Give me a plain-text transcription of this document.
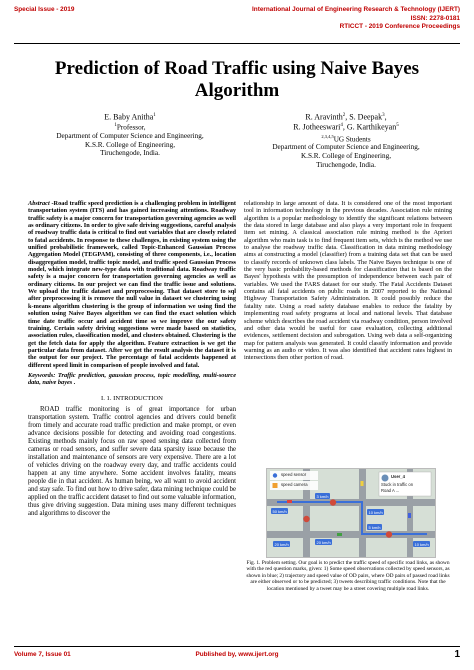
Special Issue - 2019	International Journal of Engineering Research & Technology (IJERT)
ISSN: 2278-0181
RTICCT - 2019 Conference Proceedings
Prediction of Road Traffic using Naive Bayes
Algorithm
E. Baby Anitha$^1$
$^1$Professor,
Department of Computer Science and Engineering,
K.S.R. College of Engineering,
Tiruchengode, India.
R. Aravinth$^2$, S. Deepak$^3$,
R. Jotheeswari$^4$, G. Karthikeyan$^5$
$^{2,3,4,5}$UG Students
Department of Computer Science and Engineering,
K.S.R. College of Engineering,
Tiruchengode, India.

Abstract -Road traffic speed prediction is a challenging problem in intelligent transportation system (ITS) and has gained increasing attentions. Roadway traffic safety is a major concern for transportation governing agencies as well as ordinary citizens. In order to give safe driving suggestions, careful analysis of roadway traffic data is critical to find out variables that are closely related to fatal accidents. In response to these challenges, in existing system using the unified probabilistic framework, called Topic-Enhanced Gaussian Process Aggregation Model (TEGPAM), consisting of three components, i.e., location disaggregation model, traffic topic model, and traffic speed Gaussian Process model, which integrate new-type data with traditional data. Roadway traffic safety is a major concern for transportation governing agencies as well as ordinary citizens. In our project we can find the traffic issue and solutions. We upload the traffic dataset and preprocessing. That dataset store to sql after preprocessing it is remove the null value in dataset we clustering using k-means algorithm clustering is the group of information we using find the solution using Naive Bayes algorithm we can find the exact solution which time date traffic occur and accident time so we improve the our safety training. Certain safety driving suggestions were made based on statistics, association rules, classification model, and clusters obtained. Clustering is the get the fetch data for apply the algorithm. Feature extraction is we get the particular data from dataset. After we get the result analysis the dataset it is the output for our project. The percentage of fatal accidents happened at different speed limit in comparison of people involved and fatal.

Keywords: Traffic prediction, gaussian process, topic modelling, multi-source data, naive bayes .

I. 1. INTRODUCTION

ROAD traffic monitoring is of great importance for urban transportation system. Traffic control agencies and drivers could benefit from timely and accurate road traffic prediction and make prompt, or even advance decisions possible for detecting and avoiding road congestions. Existing methods mainly focus on raw speed sensing data collected from cameras or road sensors, and suffer severe data sparsity issue because the installation and maintenance of sensors are very expensive. There are a lot of vehicles driving on the roadway every day, and traffic accidents could happen at any time anywhere. Some accident involves fatality, means people die in that accident. As human being, we all want to avoid accident and stay safe. To find out how to drive safer, data mining technique could be applied on the traffic accident dataset to find out some valuable information, thus give driving suggestion. Data mining uses many different techniques and algorithms to discover the

relationship in large amount of data. It is considered one of the most important tool in information technology in the previous decades. Association rule mining algorithm is a popular methodology to identify the significant relations between the data stored in large database and also plays a very important role in frequent item set mining. A classical association rule mining method is the Apriori algorithm who main task is to find frequent item sets, which is the method we use to analyse the roadway traffic data. Classification in data mining methodology aims at constructing a model (classifier) from a training data set that can be used to classify records of unknown class labels. The Naive Bayes technique is one of the very basic probability-based methods for classification that is based on the Bayes' hypothesis with the presumption of independence between each pair of variables. We used the FARS dataset for our study. The Fatal Accidents Dataset contains all fatal accidents on public roads in 2007 reported to the National Highway Transportation Safety Administration. It could possibly reduce the fatality rate. Using a road safety database enables to reduce the fatality by implementing road safety programs at local and national levels. That database scheme which describes the road accident via roadway condition, person involved and other data would be useful for case evaluation, collecting additional evidences, settlement decision and subrogation. Using web data a self-organizing map for pattern analysis was generated. It could classify information and provide warning as an audio or video. It was also identified that accident rates highest in intersections then other portion of road.

speed sensor
speed camera
User_4
Stuck in traffic on
Road A ...
50 km/h
3 km/h
10 km/h
20 km/h
5 km/h
20 km/h	10 km/h
Fig. 1. Problem setting. Our goal is to predict the traffic speed of specific road links, as shown with the red question marks, given: 1) Some speed observations collected by speed sensors, as shown in blue; 2) trajectory and speed value of OD pairs, where OD pairs of passed road links are either observed or to be predicted; 3) tweets describing traffic conditions. Note that the location mentioned by a tweet may be a street covering multiple road links.
Volume 7, Issue 01	Published by, www.ijert.org	1
